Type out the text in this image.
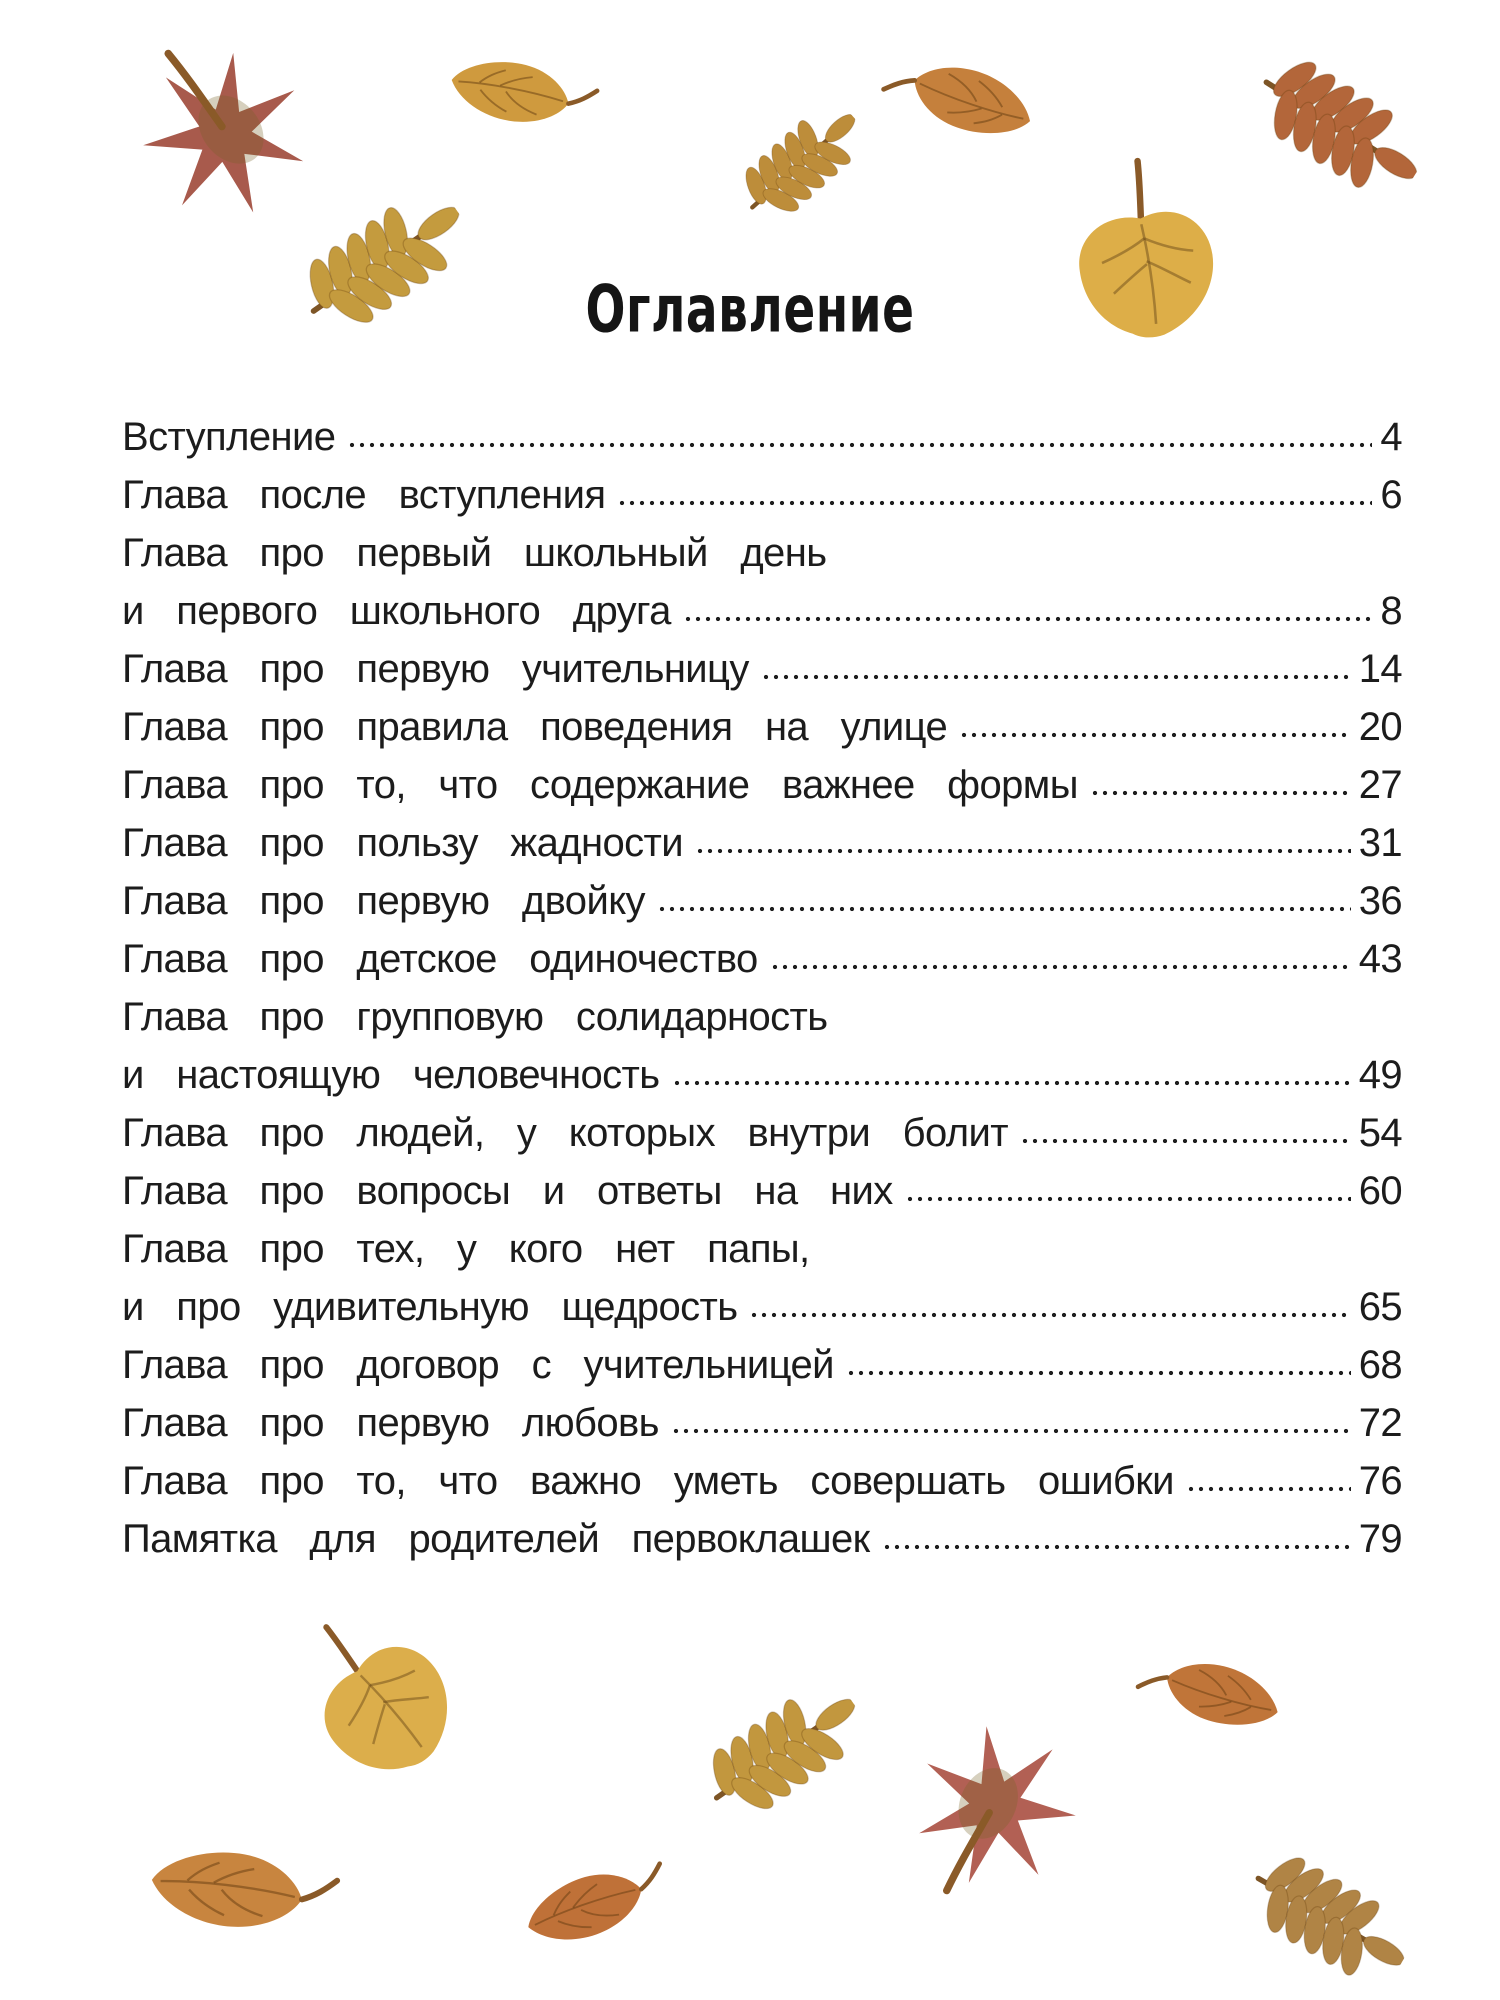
Оглавление
Вступление	4
Глава после вступления	6
Глава про первый школьный день
и первого школьного друга	8
Глава про первую учительницу	14
Глава про правила поведения на улице	20
Глава про то, что содержание важнее формы	27
Глава про пользу жадности	31
Глава про первую двойку	36
Глава про детское одиночество	43
Глава про групповую солидарность
и настоящую человечность	49
Глава про людей, у которых внутри болит	54
Глава про вопросы и ответы на них	60
Глава про тех, у кого нет папы,
и про удивительную щедрость	65
Глава про договор с учительницей	68
Глава про первую любовь	72
Глава про то, что важно уметь совершать ошибки	76
Памятка для родителей первоклашек	79
